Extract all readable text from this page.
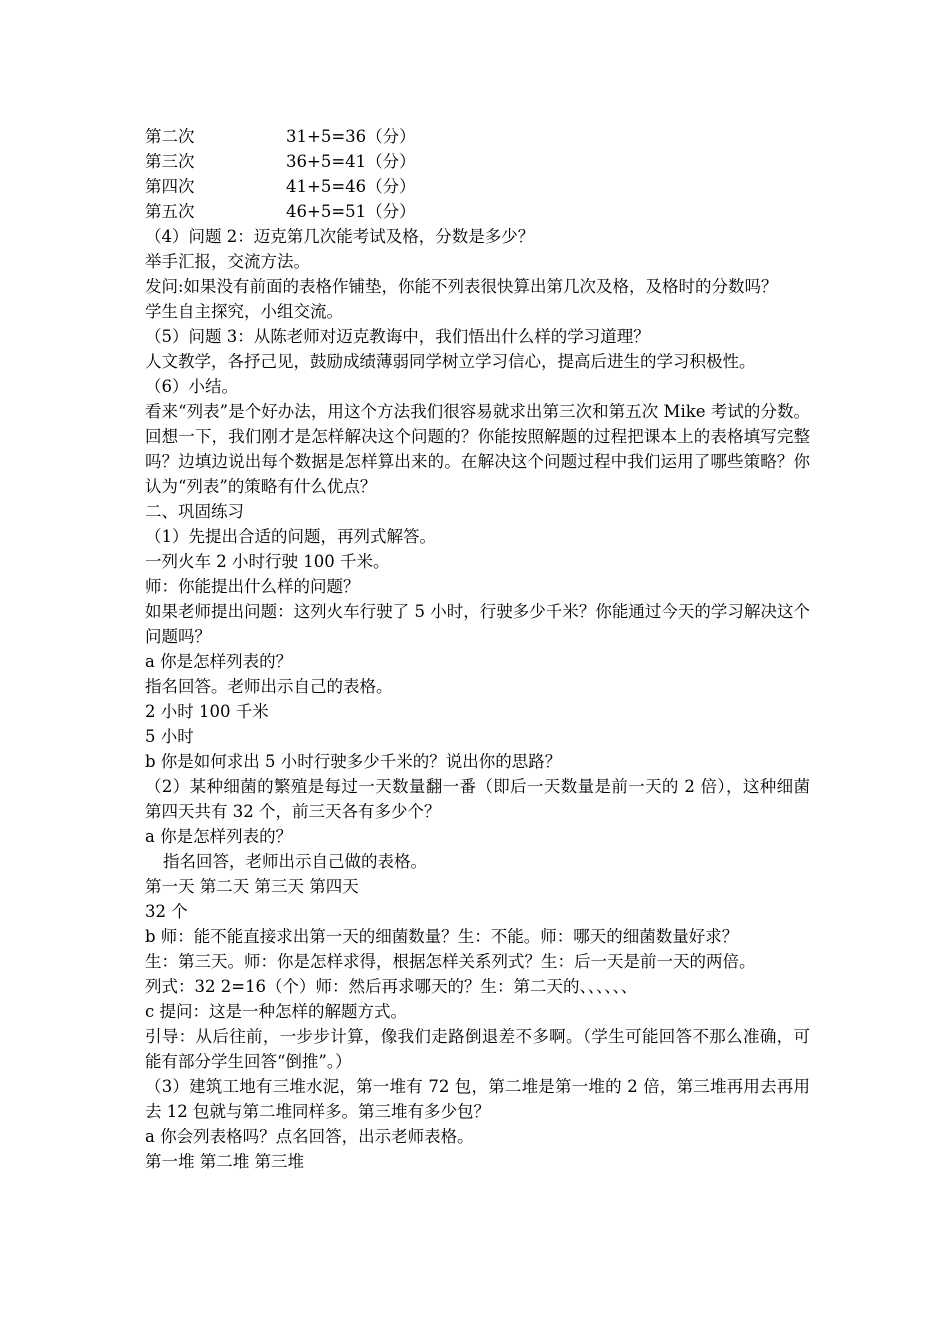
第二次	31+5=36（分）
第三次	36+5=41（分）
第四次	41+5=46（分）
第五次	46+5=51（分）
（4）问题 2：迈克第几次能考试及格，分数是多少？
举手汇报，交流方法。
发问:如果没有前面的表格作铺垫，你能不列表很快算出第几次及格，及格时的分数吗？
学生自主探究，小组交流。
（5）问题 3：从陈老师对迈克教诲中，我们悟出什么样的学习道理？
人文教学，各抒己见，鼓励成绩薄弱同学树立学习信心，提高后进生的学习积极性。
（6）小结。
看来“列表”是个好办法，用这个方法我们很容易就求出第三次和第五次 Mike 考试的分数。回想一下，我们刚才是怎样解决这个问题的？你能按照解题的过程把课本上的表格填写完整吗？边填边说出每个数据是怎样算出来的。在解决这个问题过程中我们运用了哪些策略？你认为“列表”的策略有什么优点？
二、巩固练习
（1）先提出合适的问题，再列式解答。
一列火车 2 小时行驶 100 千米。
师：你能提出什么样的问题？
如果老师提出问题：这列火车行驶了 5 小时，行驶多少千米？你能通过今天的学习解决这个问题吗？
a 你是怎样列表的？
指名回答。老师出示自己的表格。
2 小时 100 千米
5 小时
b 你是如何求出 5 小时行驶多少千米的？说出你的思路？
（2）某种细菌的繁殖是每过一天数量翻一番（即后一天数量是前一天的 2 倍），这种细菌第四天共有 32 个，前三天各有多少个？
a 你是怎样列表的？
指名回答，老师出示自己做的表格。
第一天 第二天 第三天 第四天
32 个
b 师：能不能直接求出第一天的细菌数量？生：不能。师：哪天的细菌数量好求？
生：第三天。师：你是怎样求得，根据怎样关系列式？生：后一天是前一天的两倍。
列式：32 2=16（个）师：然后再求哪天的？生：第二天的、、、、、、
c 提问：这是一种怎样的解题方式。
引导：从后往前，一步步计算，像我们走路倒退差不多啊。（学生可能回答不那么准确，可能有部分学生回答“倒推”。）
（3）建筑工地有三堆水泥，第一堆有 72 包，第二堆是第一堆的 2 倍，第三堆再用去再用去 12 包就与第二堆同样多。第三堆有多少包？
a 你会列表格吗？点名回答，出示老师表格。
第一堆 第二堆 第三堆
